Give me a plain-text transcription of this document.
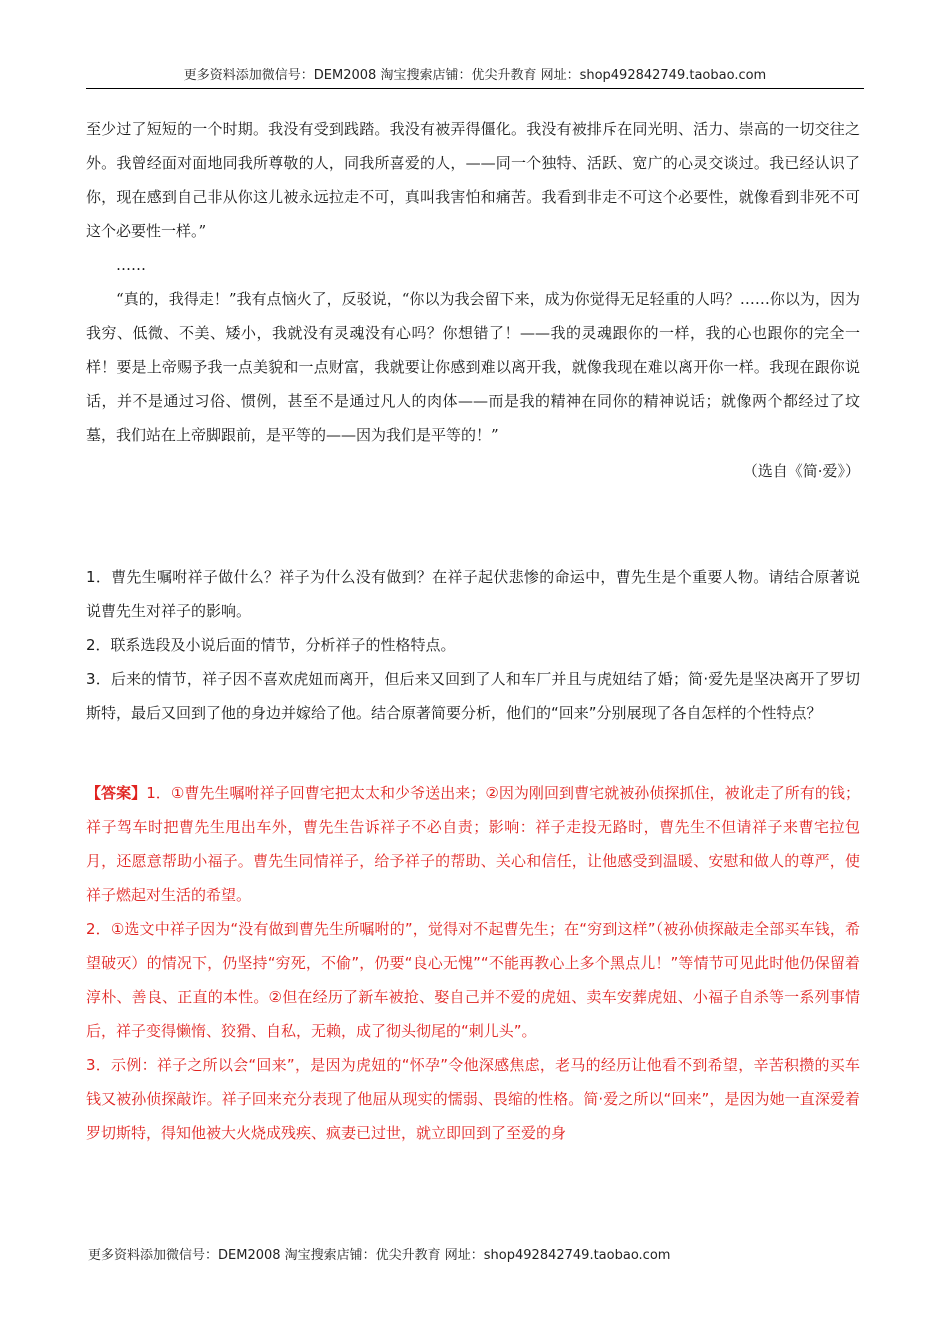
更多资料添加微信号：DEM2008 淘宝搜索店铺：优尖升教育 网址：shop492842749.taobao.com

至少过了短短的一个时期。我没有受到践踏。我没有被弄得僵化。我没有被排斥在同光明、活力、崇高的一切交往之外。我曾经面对面地同我所尊敬的人，同我所喜爱的人，——同一个独特、活跃、宽广的心灵交谈过。我已经认识了你，现在感到自己非从你这儿被永远拉走不可，真叫我害怕和痛苦。我看到非走不可这个必要性，就像看到非死不可这个必要性一样。”

……

“真的，我得走！”我有点恼火了，反驳说，“你以为我会留下来，成为你觉得无足轻重的人吗？……你以为，因为我穷、低微、不美、矮小，我就没有灵魂没有心吗？你想错了！——我的灵魂跟你的一样，我的心也跟你的完全一样！要是上帝赐予我一点美貌和一点财富，我就要让你感到难以离开我，就像我现在难以离开你一样。我现在跟你说话，并不是通过习俗、惯例，甚至不是通过凡人的肉体——而是我的精神在同你的精神说话；就像两个都经过了坟墓，我们站在上帝脚跟前，是平等的——因为我们是平等的！”

（选自《简·爱》）

1．曹先生嘱咐祥子做什么？祥子为什么没有做到？在祥子起伏悲惨的命运中，曹先生是个重要人物。请结合原著说说曹先生对祥子的影响。

2．联系选段及小说后面的情节，分析祥子的性格特点。

3．后来的情节，祥子因不喜欢虎妞而离开，但后来又回到了人和车厂并且与虎妞结了婚；简·爱先是坚决离开了罗切斯特，最后又回到了他的身边并嫁给了他。结合原著简要分析，他们的“回来”分别展现了各自怎样的个性特点？

【答案】1．①曹先生嘱咐祥子回曹宅把太太和少爷送出来；②因为刚回到曹宅就被孙侦探抓住，被讹走了所有的钱；祥子驾车时把曹先生甩出车外，曹先生告诉祥子不必自责；影响：祥子走投无路时，曹先生不但请祥子来曹宅拉包月，还愿意帮助小福子。曹先生同情祥子，给予祥子的帮助、关心和信任，让他感受到温暖、安慰和做人的尊严，使祥子燃起对生活的希望。

2．①选文中祥子因为“没有做到曹先生所嘱咐的”，觉得对不起曹先生；在“穷到这样”（被孙侦探敲走全部买车钱，希望破灭）的情况下，仍坚持“穷死，不偷”，仍要“良心无愧”“不能再教心上多个黑点儿！”等情节可见此时他仍保留着淳朴、善良、正直的本性。②但在经历了新车被抢、娶自己并不爱的虎妞、卖车安葬虎妞、小福子自杀等一系列事情后，祥子变得懒惰、狡猾、自私，无赖，成了彻头彻尾的“刺儿头”。

3．示例：祥子之所以会“回来”，是因为虎妞的“怀孕”令他深感焦虑，老马的经历让他看不到希望，辛苦积攒的买车钱又被孙侦探敲诈。祥子回来充分表现了他屈从现实的懦弱、畏缩的性格。简·爱之所以“回来”，是因为她一直深爱着罗切斯特，得知他被大火烧成残疾、疯妻已过世，就立即回到了至爱的身

更多资料添加微信号：DEM2008 淘宝搜索店铺：优尖升教育 网址：shop492842749.taobao.com
